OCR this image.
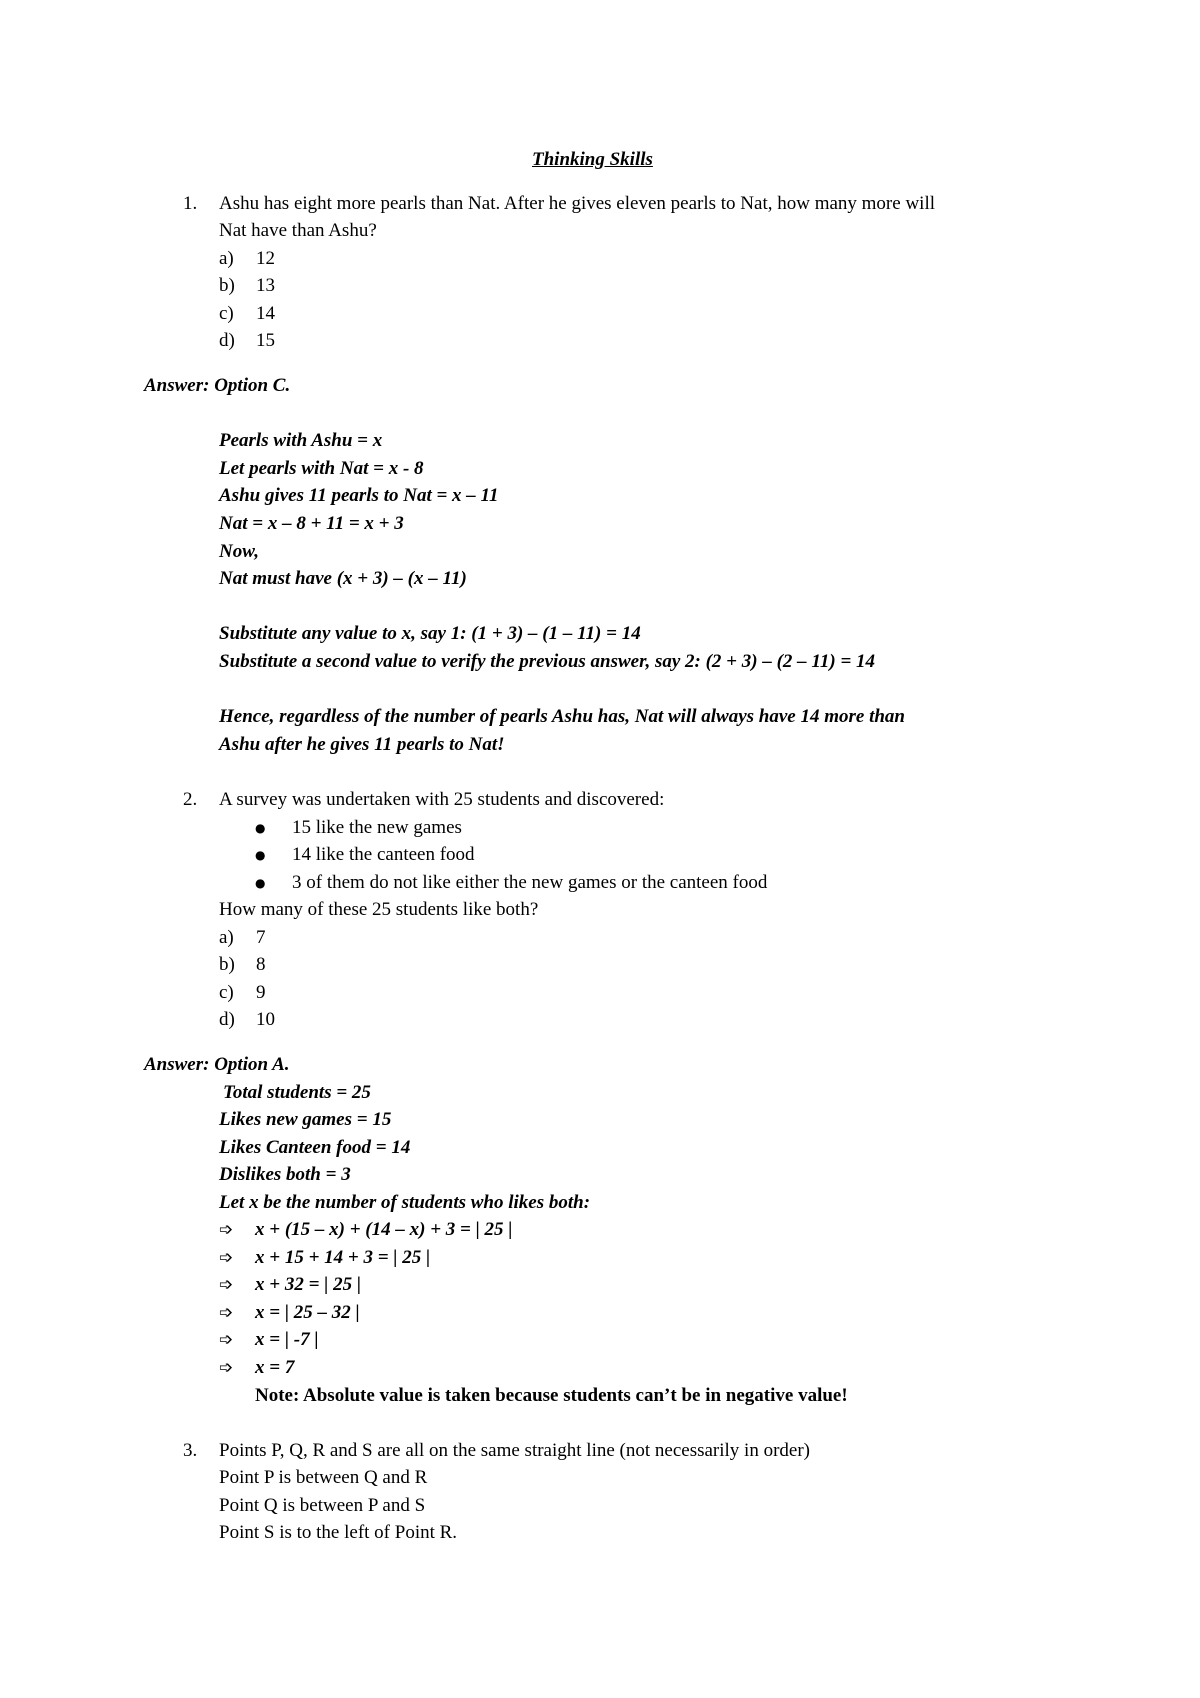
Thinking Skills
1. Ashu has eight more pearls than Nat. After he gives eleven pearls to Nat, how many more will
Nat have than Ashu?
a) 12
b) 13
c) 14
d) 15
Answer: Option C.
Pearls with Ashu = x
Let pearls with Nat = x - 8
Ashu gives 11 pearls to Nat = x – 11
Nat = x – 8 + 11 = x + 3
Now,
Nat must have (x + 3) – (x – 11)
Substitute any value to x, say 1: (1 + 3) – (1 – 11) = 14
Substitute a second value to verify the previous answer, say 2: (2 + 3) – (2 – 11) = 14
Hence, regardless of the number of pearls Ashu has, Nat will always have 14 more than
Ashu after he gives 11 pearls to Nat!
2. A survey was undertaken with 25 students and discovered:
● 15 like the new games
● 14 like the canteen food
● 3 of them do not like either the new games or the canteen food
How many of these 25 students like both?
a) 7
b) 8
c) 9
d) 10
Answer: Option A.
Total students = 25
Likes new games = 15
Likes Canteen food = 14
Dislikes both = 3
Let x be the number of students who likes both:
➩ x + (15 – x) + (14 – x) + 3 = | 25 |
➩ x + 15 + 14 + 3 = | 25 |
➩ x + 32 = | 25 |
➩ x = | 25 – 32 |
➩ x = | -7 |
➩ x = 7
Note: Absolute value is taken because students can’t be in negative value!
3. Points P, Q, R and S are all on the same straight line (not necessarily in order)
Point P is between Q and R
Point Q is between P and S
Point S is to the left of Point R.
